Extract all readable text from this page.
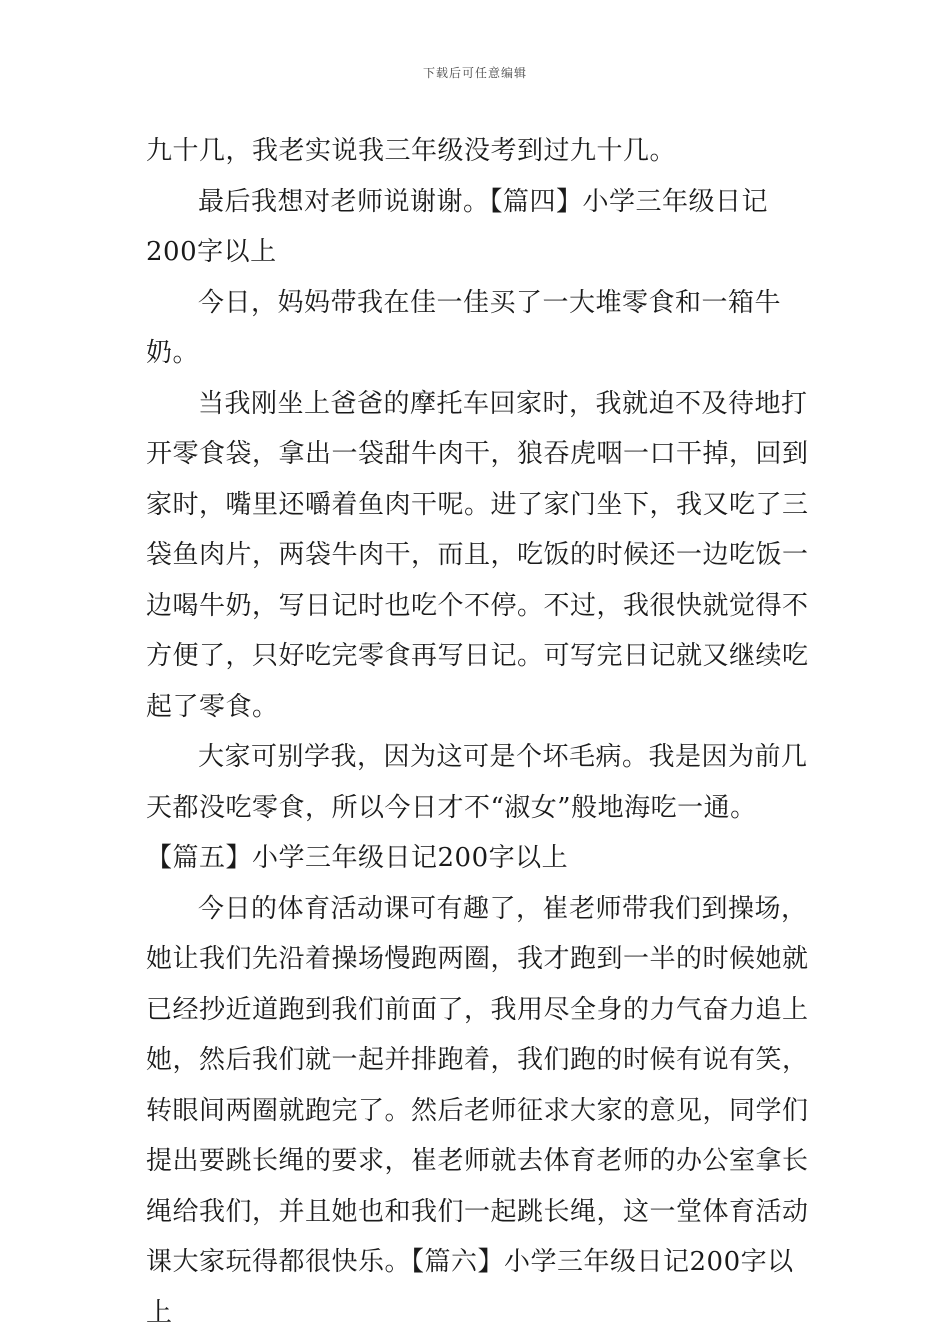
下载后可任意编辑

九十几，我老实说我三年级没考到过九十几。

最后我想对老师说谢谢。【篇四】小学三年级日记200字以上

今日，妈妈带我在佳一佳买了一大堆零食和一箱牛奶。

当我刚坐上爸爸的摩托车回家时，我就迫不及待地打开零食袋，拿出一袋甜牛肉干，狼吞虎咽一口干掉，回到家时，嘴里还嚼着鱼肉干呢。进了家门坐下，我又吃了三袋鱼肉片，两袋牛肉干，而且，吃饭的时候还一边吃饭一边喝牛奶，写日记时也吃个不停。不过，我很快就觉得不方便了，只好吃完零食再写日记。可写完日记就又继续吃起了零食。

大家可别学我，因为这可是个坏毛病。我是因为前几天都没吃零食，所以今日才不“淑女”般地海吃一通。

【篇五】小学三年级日记200字以上

今日的体育活动课可有趣了，崔老师带我们到操场，她让我们先沿着操场慢跑两圈，我才跑到一半的时候她就已经抄近道跑到我们前面了，我用尽全身的力气奋力追上她，然后我们就一起并排跑着，我们跑的时候有说有笑，转眼间两圈就跑完了。然后老师征求大家的意见，同学们提出要跳长绳的要求，崔老师就去体育老师的办公室拿长绳给我们，并且她也和我们一起跳长绳，这一堂体育活动课大家玩得都很快乐。【篇六】小学三年级日记200字以上
